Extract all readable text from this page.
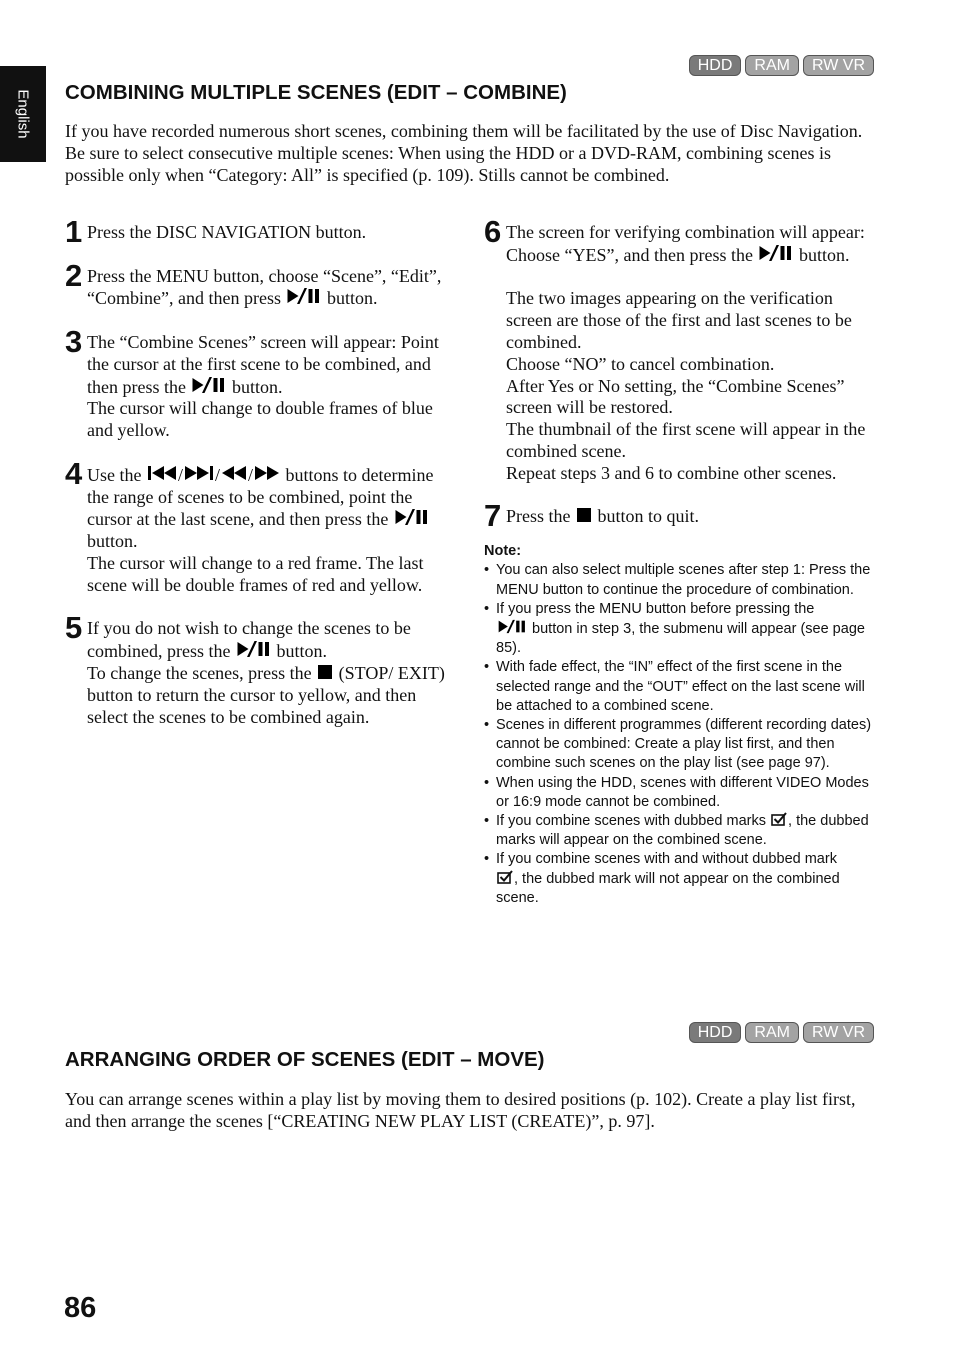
English
HDD	RAM	RW VR
COMBINING MULTIPLE SCENES (EDIT – COMBINE)

If you have recorded numerous short scenes, combining them will be facilitated by the use of Disc Navigation.

Be sure to select consecutive multiple scenes: When using the HDD or a DVD-RAM, combining scenes is possible only when “Category: All” is specified (p. 109). Stills cannot be combined.

1 Press the DISC NAVIGATION button.

2 Press the MENU button, choose “Scene”, “Edit”, “Combine”, and then press	button.

3 The “Combine Scenes” screen will appear: Point the cursor at the first scene to be combined, and then press the	button.

The cursor will change to double frames of blue and yellow.

4 Use the / / / buttons to determine the range of scenes to be combined, point the cursor at the last scene, and then press the  button.

The cursor will change to a red frame. The last scene will be double frames of red and yellow.

5 If you do not wish to change the scenes to be combined, press the	button.

To change the scenes, press the (STOP/ EXIT) button to return the cursor to yellow, and then select the scenes to be combined again.

6 The screen for verifying combination will appear: Choose “YES”, and then press the	button.

The two images appearing on the verification screen are those of the first and last scenes to be combined.

Choose “NO” to cancel combination.

After Yes or No setting, the “Combine Scenes” screen will be restored.

The thumbnail of the first scene will appear in the combined scene.

Repeat steps 3 and 6 to combine other scenes.

7 Press the button to quit.

Note:
• You can also select multiple scenes after step 1: Press the MENU button to continue the procedure of combination.
• If you press the MENU button before pressing the
button in step 3, the submenu will appear (see page 85).
• With fade effect, the “IN” effect of the first scene in the selected range and the “OUT” effect on the last scene will be attached to a combined scene.
• Scenes in different programmes (different recording dates) cannot be combined: Create a play list first, and then combine such scenes on the play list (see page 97).
• When using the HDD, scenes with different VIDEO Modes or 16:9 mode cannot be combined.
• If you combine scenes with dubbed marks , the dubbed marks will appear on the combined scene.
• If you combine scenes with and without dubbed mark
, the dubbed mark will not appear on the combined scene.
HDD	RAM	RW VR
ARRANGING ORDER OF SCENES (EDIT – MOVE)

You can arrange scenes within a play list by moving them to desired positions (p. 102). Create a play list first, and then arrange the scenes [“CREATING NEW PLAY LIST (CREATE)”, p. 97].

86
